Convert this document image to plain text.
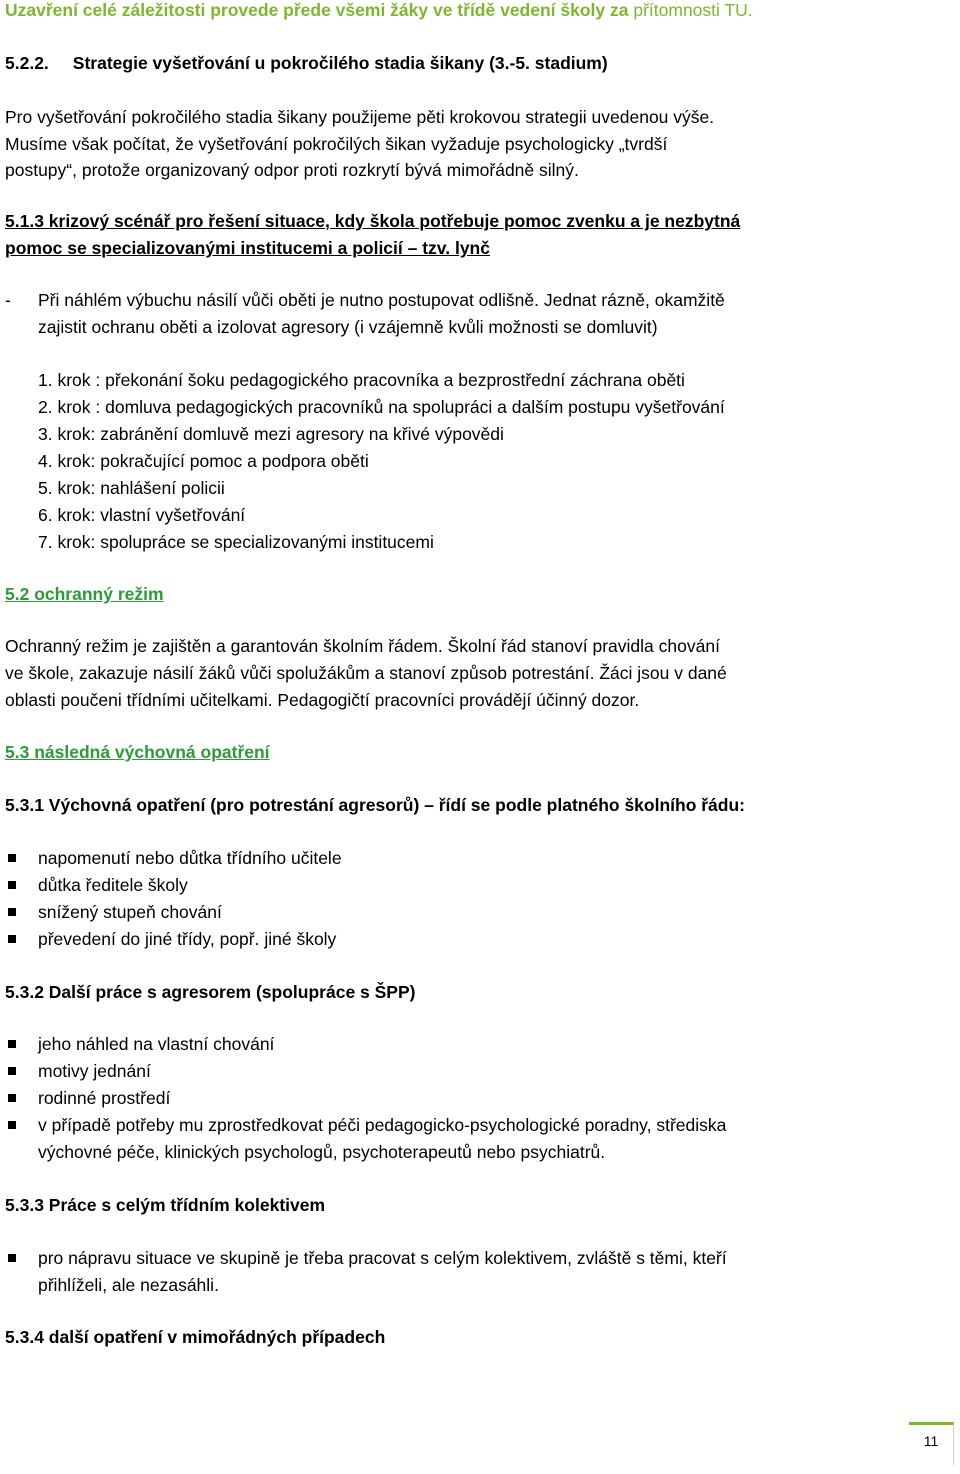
Uzavření celé záležitosti provede přede všemi žáky ve třídě vedení školy za přítomnosti TU.

5.2.2. Strategie vyšetřování u pokročilého stadia šikany (3.-5. stadium)

Pro vyšetřování pokročilého stadia šikany použijeme pěti krokovou strategii uvedenou výše.

Musíme však počítat, že vyšetřování pokročilých šikan vyžaduje psychologicky „tvrdší

postupy“, protože organizovaný odpor proti rozkrytí bývá mimořádně silný.

5.1.3 krizový scénář pro řešení situace, kdy škola potřebuje pomoc zvenku a je nezbytná

pomoc se specializovanými institucemi a policií – tzv. lynč

- Při náhlém výbuchu násilí vůči oběti je nutno postupovat odlišně. Jednat rázně, okamžitě

zajistit ochranu oběti a izolovat agresory (i vzájemně kvůli možnosti se domluvit)

1. krok : překonání šoku pedagogického pracovníka a bezprostřední záchrana oběti

2. krok : domluva pedagogických pracovníků na spolupráci a dalším postupu vyšetřování

3. krok: zabránění domluvě mezi agresory na křivé výpovědi

4. krok: pokračující pomoc a podpora oběti

5. krok: nahlášení policii

6. krok: vlastní vyšetřování

7. krok: spolupráce se specializovanými institucemi

5.2 ochranný režim

Ochranný režim je zajištěn a garantován školním řádem. Školní řád stanoví pravidla chování

ve škole, zakazuje násilí žáků vůči spolužákům a stanoví způsob potrestání. Žáci jsou v dané

oblasti poučeni třídními učitelkami. Pedagogičtí pracovníci provádějí účinný dozor.

5.3 následná výchovná opatření

5.3.1 Výchovná opatření (pro potrestání agresorů) – řídí se podle platného školního řádu:

napomenutí nebo důtka třídního učitele

důtka ředitele školy

snížený stupeň chování

převedení do jiné třídy, popř. jiné školy

5.3.2 Další práce s agresorem (spolupráce s ŠPP)

jeho náhled na vlastní chování

motivy jednání

rodinné prostředí

v případě potřeby mu zprostředkovat péči pedagogicko-psychologické poradny, střediska

výchovné péče, klinických psychologů, psychoterapeutů nebo psychiatrů.

5.3.3 Práce s celým třídním kolektivem

pro nápravu situace ve skupině je třeba pracovat s celým kolektivem, zvláště s těmi, kteří

přihlíželi, ale nezasáhli.

5.3.4 další opatření v mimořádných případech

11
